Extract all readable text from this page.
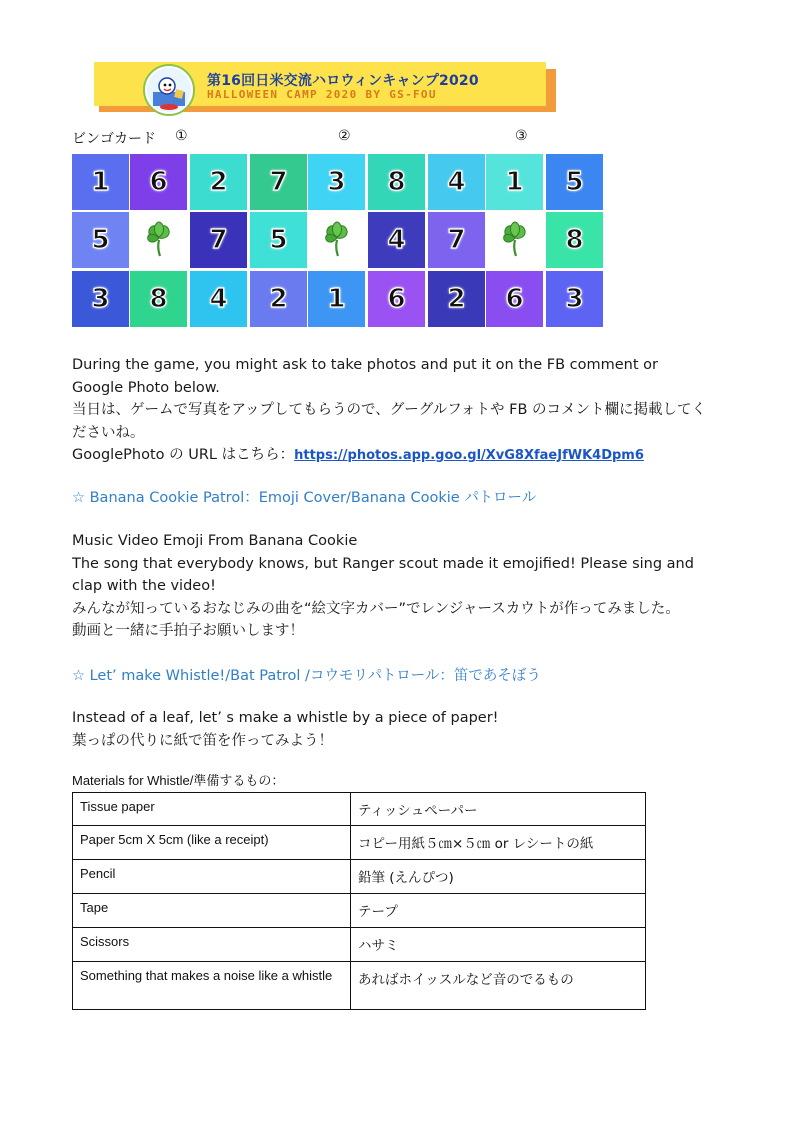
第16回日米交流ハロウィンキャンプ2020
HALLOWEEN CAMP 2020 BY GS-FOU
ビンゴカード ①	②	③
1 6 2
5	7
3 8 4
7 3 8
5	4
2 1 6
4 1 5
7	8
2 6 3
During the game, you might ask to take photos and put it on the FB comment or
Google Photo below.
当日は、ゲームで写真をアップしてもらうので、グーグルフォトや FB のコメント欄に掲載してく
ださいね。
GooglePhoto の URL はこちら：https://photos.app.goo.gl/XvG8XfaeJfWK4Dpm6
☆ Banana Cookie Patrol：Emoji Cover/Banana Cookie パトロール
Music Video Emoji From Banana Cookie
The song that everybody knows, but Ranger scout made it emojified! Please sing and
clap with the video!
みんなが知っているおなじみの曲を“絵文字カバー”でレンジャースカウトが作ってみました。
動画と一緒に手拍子お願いします！
☆ Let’ make Whistle!/Bat Patrol /コウモリパトロール：笛であそぼう
Instead of a leaf, let’ s make a whistle by a piece of paper!
葉っぱの代りに紙で笛を作ってみよう！
Materials for Whistle/準備するもの：
Tissue paper	ティッシュペーパー
Paper 5cm X 5cm (like a receipt)	コピー用紙５㎝×５㎝ or レシートの紙
Pencil	鉛筆 (えんぴつ)
Tape	テープ
Scissors	ハサミ
Something that makes a noise like a whistle	あればホイッスルなど音のでるもの
